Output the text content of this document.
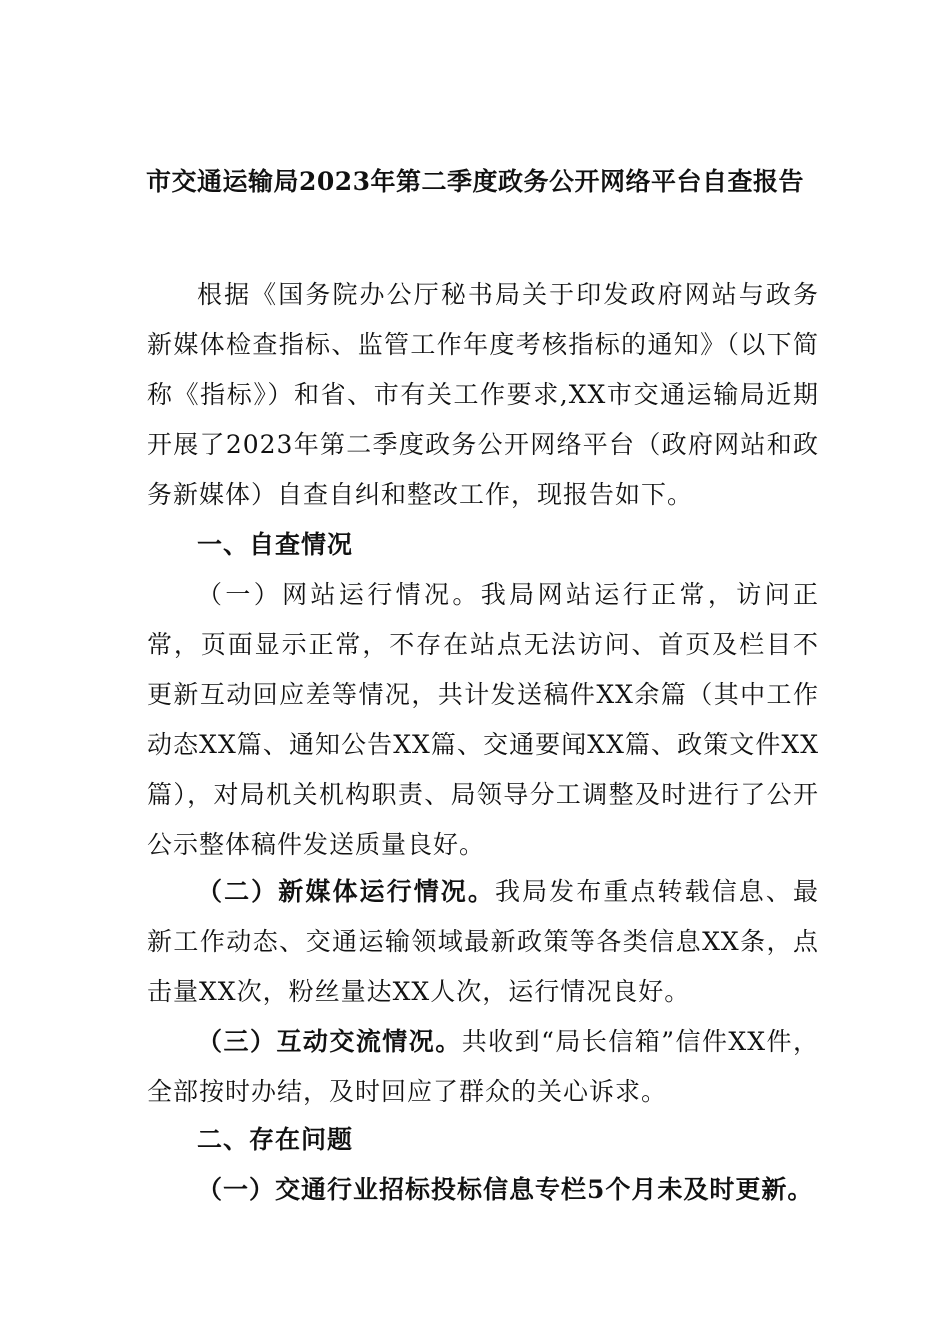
市交通运输局2023年第二季度政务公开网络平台自查报告

根据《国务院办公厅秘书局关于印发政府网站与政务新媒体检查指标、监管工作年度考核指标的通知》（以下简称《指标》）和省、市有关工作要求,XX市交通运输局近期开展了2023年第二季度政务公开网络平台（政府网站和政务新媒体）自查自纠和整改工作，现报告如下。

一、自查情况

（一）网站运行情况。我局网站运行正常，访问正常，页面显示正常，不存在站点无法访问、首页及栏目不更新互动回应差等情况，共计发送稿件XX余篇（其中工作动态XX篇、通知公告XX篇、交通要闻XX篇、政策文件XX篇），对局机关机构职责、局领导分工调整及时进行了公开公示整体稿件发送质量良好。

（二）新媒体运行情况。我局发布重点转载信息、最新工作动态、交通运输领域最新政策等各类信息XX条，点击量XX次，粉丝量达XX人次，运行情况良好。

（三）互动交流情况。共收到“局长信箱”信件XX件，全部按时办结，及时回应了群众的关心诉求。

二、存在问题

（一）交通行业招标投标信息专栏5个月未及时更新。
